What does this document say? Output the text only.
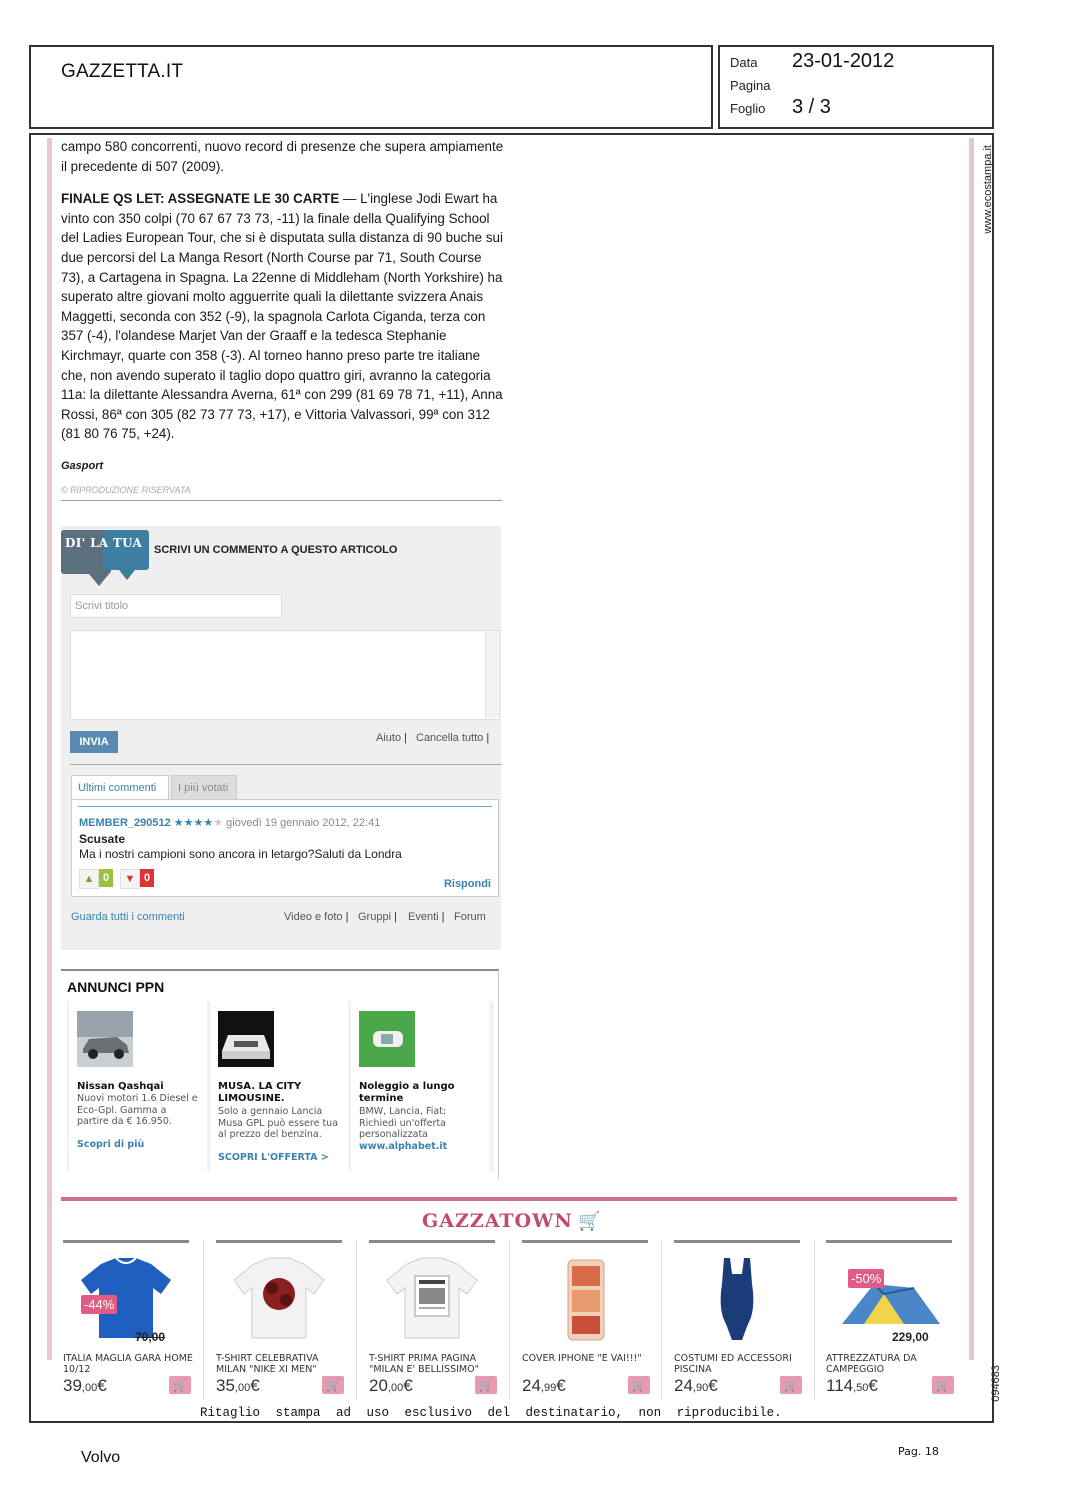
GAZZETTA.IT	Data 23-01-2012
Pagina
Foglio 3 / 3
www.ecostampa.it
094683

campo 580 concorrenti, nuovo record di presenze che supera ampiamente il precedente di 507 (2009).

FINALE QS LET: ASSEGNATE LE 30 CARTE — L'inglese Jodi Ewart ha vinto con 350 colpi (70 67 67 73 73, -11) la finale della Qualifying School del Ladies European Tour, che si è disputata sulla distanza di 90 buche sui due percorsi del La Manga Resort (North Course par 71, South Course 73), a Cartagena in Spagna. La 22enne di Middleham (North Yorkshire) ha superato altre giovani molto agguerrite quali la dilettante svizzera Anais Maggetti, seconda con 352 (-9), la spagnola Carlota Ciganda, terza con 357 (-4), l'olandese Marjet Van der Graaff e la tedesca Stephanie Kirchmayr, quarte con 358 (-3). Al torneo hanno preso parte tre italiane che, non avendo superato il taglio dopo quattro giri, avranno la categoria 11a: la dilettante Alessandra Averna, 61ª con 299 (81 69 78 71, +11), Anna Rossi, 86ª con 305 (82 73 77 73, +17), e Vittoria Valvassori, 99ª con 312 (81 80 76 75, +24).

Gasport
© RIPRODUZIONE RISERVATA
DI' LA TUA SCRIVI UN COMMENTO A QUESTO ARTICOLO
Scrivi titolo
INVIA	Aiuto | Cancella tutto |
Ultimi commenti	I più votati
MEMBER_290512 ★★★★★ giovedì 19 gennaio 2012, 22:41
Scusate
Ma i nostri campioni sono ancora in letargo?Saluti da Londra
▲ 0	▼ 0	Rispondi
Guarda tutti i commenti	Video e foto | Gruppi | Eventi | Forum
ANNUNCI PPN
Nissan Qashqai
Nuovi motori 1.6 Diesel e Eco-Gpl. Gamma a partire da € 16.950.
Scopri di più
MUSA. LA CITY LIMOUSINE.
Solo a gennaio Lancia Musa GPL può essere tua al prezzo del benzina.
SCOPRI L'OFFERTA >
Noleggio a lungo termine
BMW, Lancia, Fiat: Richiedi un'offerta personalizzata
www.alphabet.it
GAZZATOWN 🛒
-44%
70,00
ITALIA MAGLIA GARA HOME 10/12
39,00€	🛒
T-SHIRT CELEBRATIVA MILAN "NIKE XI MEN"
35,00€	🛒
T-SHIRT PRIMA PAGINA "MILAN E' BELLISSIMO"
20,00€	🛒
COVER IPHONE "E VAI!!!"
24,99€	🛒
COSTUMI ED ACCESSORI PISCINA
24,90€	🛒
-50%
229,00
ATTREZZATURA DA CAMPEGGIO
114,50€	🛒
Ritaglio stampa ad uso esclusivo del destinatario, non riproducibile.
Volvo	Pag. 18
